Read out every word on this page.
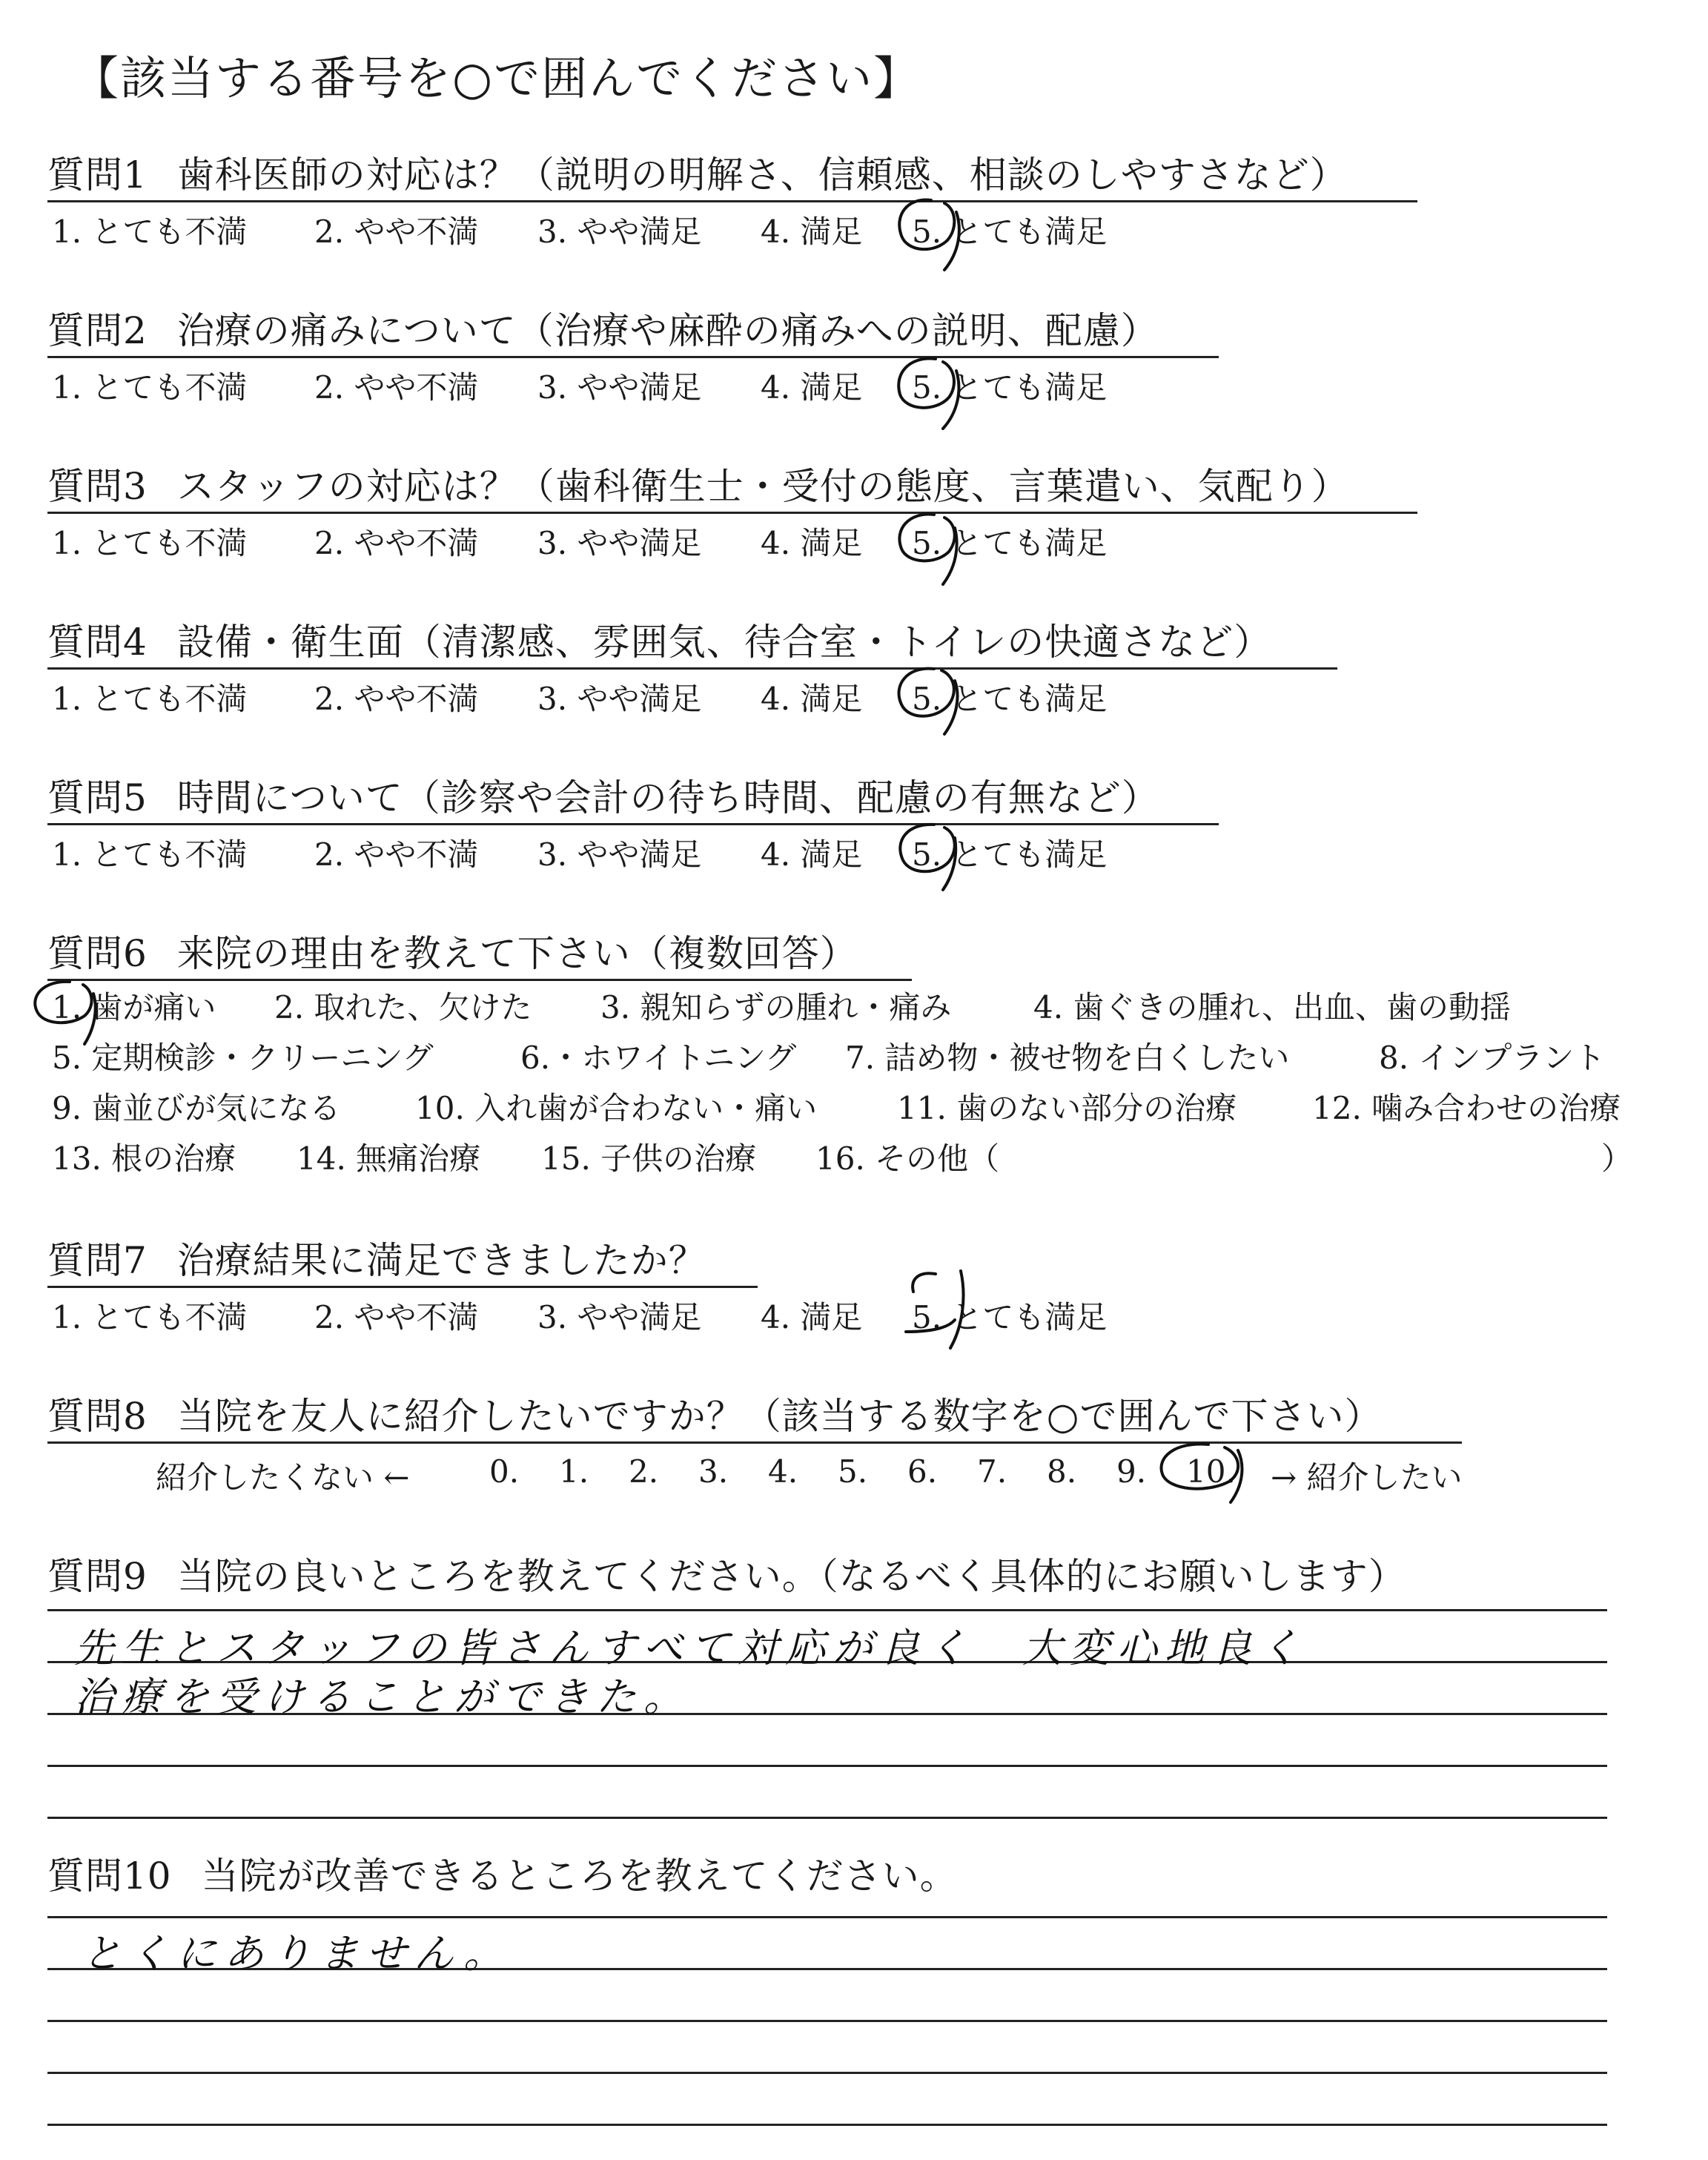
【該当する番号を○で囲んでください】
質問1 歯科医師の対応は？（説明の明解さ、信頼感、相談のしやすさなど）
1. とても不満 2. やや不満 3. やや満足 4. 満足 5. とても満足
質問2 治療の痛みについて（治療や麻酔の痛みへの説明、配慮）
1. とても不満 2. やや不満 3. やや満足 4. 満足 5. とても満足
質問3 スタッフの対応は？（歯科衛生士・受付の態度、言葉遣い、気配り）
1. とても不満 2. やや不満 3. やや満足 4. 満足 5. とても満足
質問4 設備・衛生面（清潔感、雰囲気、待合室・トイレの快適さなど）
1. とても不満 2. やや不満 3. やや満足 4. 満足 5. とても満足
質問5 時間について（診察や会計の待ち時間、配慮の有無など）
1. とても不満 2. やや不満 3. やや満足 4. 満足 5. とても満足
質問6 来院の理由を教えて下さい（複数回答）
1. 歯が痛い 2. 取れた、欠けた 3. 親知らずの腫れ・痛み	4. 歯ぐきの腫れ、出血、歯の動揺
5. 定期検診・クリーニング	6.・ホワイトニング 7. 詰め物・被せ物を白くしたい	8. インプラント
9. 歯並びが気になる 10. 入れ歯が合わない・痛い	11. 歯のない部分の治療 12. 噛み合わせの治療
13. 根の治療 14. 無痛治療 15. 子供の治療 16. その他（	）
質問7 治療結果に満足できましたか？
1. とても不満 2. やや不満 3. やや満足 4. 満足 5. とても満足
質問8 当院を友人に紹介したいですか？（該当する数字を○で囲んで下さい）
紹介したくない ←	0. 1. 2. 3. 4. 5. 6. 7. 8. 9. 10. → 紹介したい
質問9 当院の良いところを教えてください。（なるべく具体的にお願いします）
先生とスタッフの皆さんすべて対応が良く　大変心地良く
治療を受けることができた。
質問10 当院が改善できるところを教えてください。
とくにありません。
